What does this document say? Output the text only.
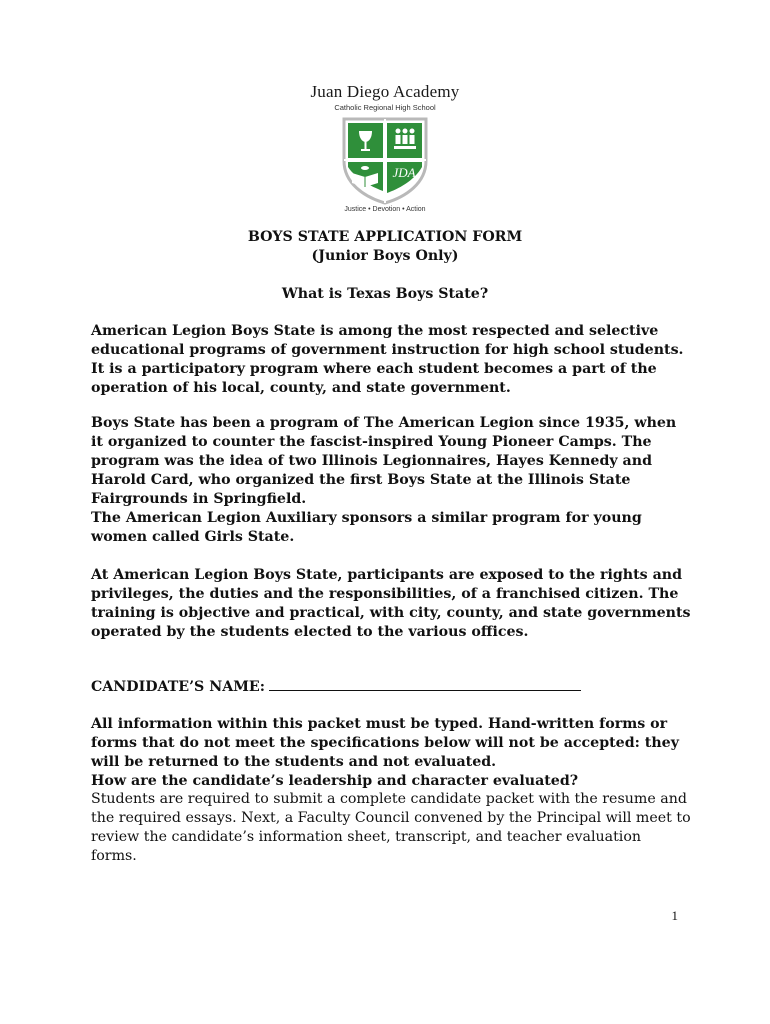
Juan Diego Academy
Catholic Regional High School
JDA
Justice • Devotion • Action
BOYS STATE APPLICATION FORM
(Junior Boys Only)
What is Texas Boys State?
American Legion Boys State is among the most respected and selective educational programs of government instruction for high school students. It is a participatory program where each student becomes a part of the operation of his local, county, and state government.
Boys State has been a program of The American Legion since 1935, when it organized to counter the fascist-inspired Young Pioneer Camps. The program was the idea of two Illinois Legionnaires, Hayes Kennedy and Harold Card, who organized the first Boys State at the Illinois State Fairgrounds in Springfield.
The American Legion Auxiliary sponsors a similar program for young women called Girls State.
At American Legion Boys State, participants are exposed to the rights and privileges, the duties and the responsibilities, of a franchised citizen. The training is objective and practical, with city, county, and state governments operated by the students elected to the various offices.
CANDIDATE’S NAME:
All information within this packet must be typed. Hand-written forms or forms that do not meet the specifications below will not be accepted: they will be returned to the students and not evaluated.
How are the candidate’s leadership and character evaluated?
Students are required to submit a complete candidate packet with the resume and the required essays. Next, a Faculty Council convened by the Principal will meet to review the candidate’s information sheet, transcript, and teacher evaluation forms.
1
